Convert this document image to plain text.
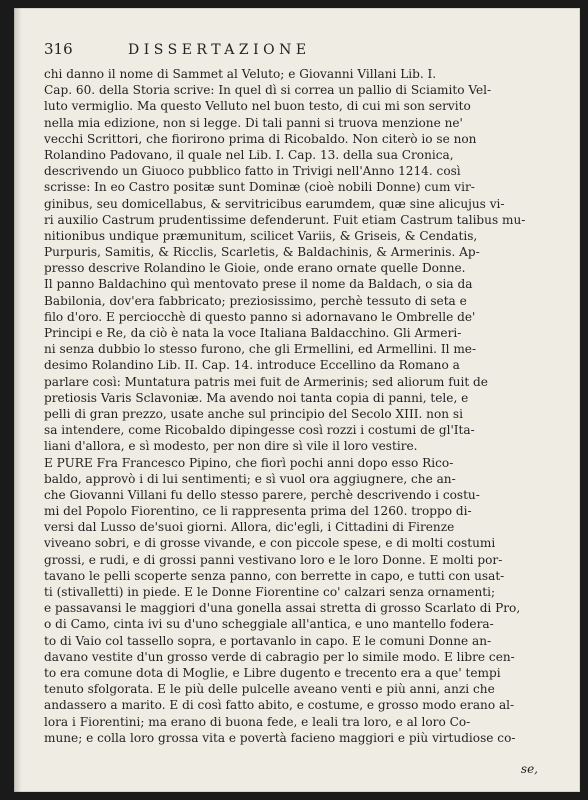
316	DISSERTAZIONE
chi danno il nome di Sammet al Veluto; e Giovanni Villani Lib. I.
Cap. 60. della Storia scrive: In quel dì si correa un pallio di Sciamito Vel-
luto vermiglio. Ma questo Velluto nel buon testo, di cui mi son servito
nella mia edizione, non si legge. Di tali panni si truova menzione ne'
vecchi Scrittori, che fiorirono prima di Ricobaldo. Non citerò io se non
Rolandino Padovano, il quale nel Lib. I. Cap. 13. della sua Cronica,
descrivendo un Giuoco pubblico fatto in Trivigi nell'Anno 1214. così
scrisse: In eo Castro positæ sunt Dominæ (cioè nobili Donne) cum vir-
ginibus, seu domicellabus, & servitricibus earumdem, quæ sine alicujus vi-
ri auxilio Castrum prudentissime defenderunt. Fuit etiam Castrum talibus mu-
nitionibus undique præmunitum, scilicet Variis, & Griseis, & Cendatis,
Purpuris, Samitis, & Ricclis, Scarletis, & Baldachinis, & Armerinis. Ap-
presso descrive Rolandino le Gioie, onde erano ornate quelle Donne.
Il panno Baldachino quì mentovato prese il nome da Baldach, o sia da
Babilonia, dov'era fabbricato; preziosissimo, perchè tessuto di seta e
filo d'oro. E perciocchè di questo panno si adornavano le Ombrelle de'
Principi e Re, da ciò è nata la voce Italiana Baldacchino. Gli Armeri-
ni senza dubbio lo stesso furono, che gli Ermellini, ed Armellini. Il me-
desimo Rolandino Lib. II. Cap. 14. introduce Eccellino da Romano a
parlare così: Muntatura patris mei fuit de Armerinis; sed aliorum fuit de
pretiosis Varis Sclavoniæ. Ma avendo noi tanta copia di panni, tele, e
pelli di gran prezzo, usate anche sul principio del Secolo XIII. non si
sa intendere, come Ricobaldo dipingesse così rozzi i costumi de gl'Ita-
liani d'allora, e sì modesto, per non dire sì vile il loro vestire.
E PURE Fra Francesco Pipino, che fiorì pochi anni dopo esso Rico-
baldo, approvò i di lui sentimenti; e sì vuol ora aggiugnere, che an-
che Giovanni Villani fu dello stesso parere, perchè descrivendo i costu-
mi del Popolo Fiorentino, ce li rappresenta prima del 1260. troppo di-
versi dal Lusso de'suoi giorni. Allora, dic'egli, i Cittadini di Firenze
viveano sobri, e di grosse vivande, e con piccole spese, e di molti costumi
grossi, e rudi, e di grossi panni vestivano loro e le loro Donne. E molti por-
tavano le pelli scoperte senza panno, con berrette in capo, e tutti con usat-
ti (stivalletti) in piede. E le Donne Fiorentine co' calzari senza ornamenti;
e passavansi le maggiori d'una gonella assai stretta di grosso Scarlato di Pro,
o di Camo, cinta ivi su d'uno scheggiale all'antica, e uno mantello fodera-
to di Vaio col tassello sopra, e portavanlo in capo. E le comuni Donne an-
davano vestite d'un grosso verde di cabragio per lo simile modo. E libre cen-
to era comune dota di Moglie, e Libre dugento e trecento era a que' tempi
tenuto sfolgorata. E le più delle pulcelle aveano venti e più anni, anzi che
andassero a marito. E di così fatto abito, e costume, e grosso modo erano al-
lora i Fiorentini; ma erano di buona fede, e leali tra loro, e al loro Co-
mune; e colla loro grossa vita e povertà facieno maggiori e più virtudiose co-
se,
